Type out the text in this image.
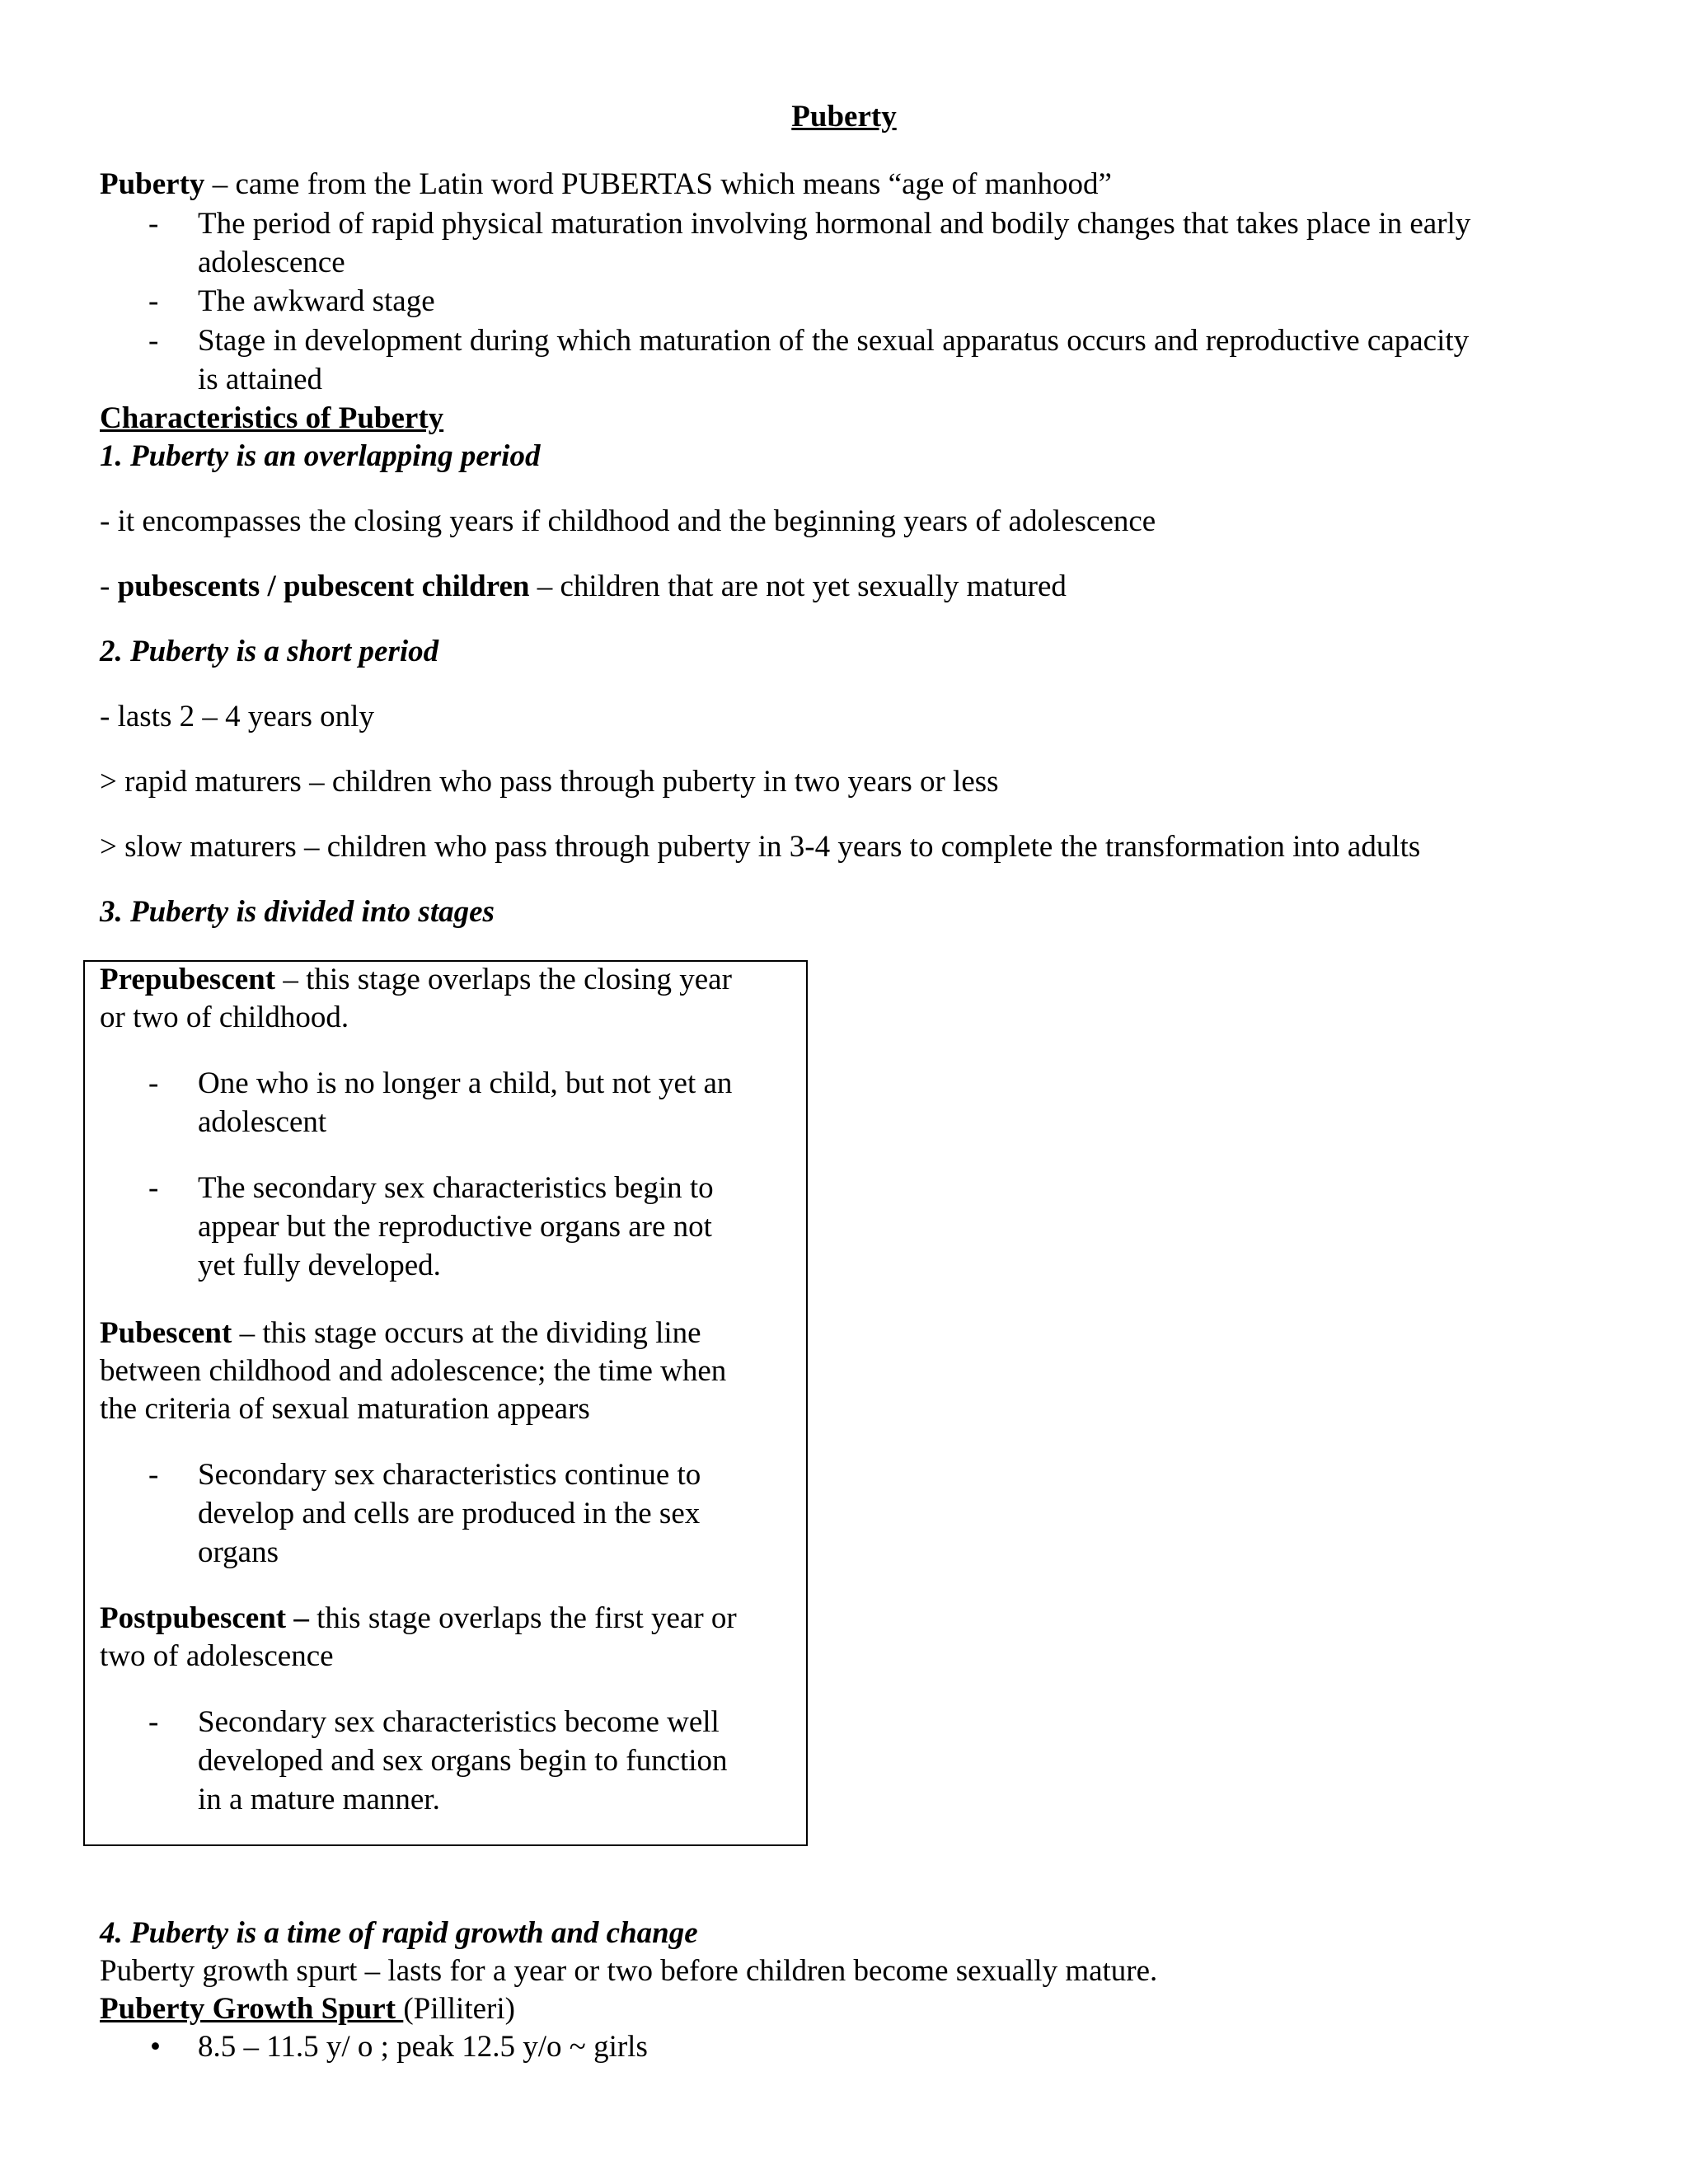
Puberty
Puberty – came from the Latin word PUBERTAS which means “age of manhood”
- The period of rapid physical maturation involving hormonal and bodily changes that takes place in early
adolescence
- The awkward stage
- Stage in development during which maturation of the sexual apparatus occurs and reproductive capacity
is attained
Characteristics of Puberty
1. Puberty is an overlapping period
- it encompasses the closing years if childhood and the beginning years of adolescence
- pubescents / pubescent children – children that are not yet sexually matured
2. Puberty is a short period
- lasts 2 – 4 years only
> rapid maturers – children who pass through puberty in two years or less
> slow maturers – children who pass through puberty in 3-4 years to complete the transformation into adults
3. Puberty is divided into stages
Prepubescent – this stage overlaps the closing year
or two of childhood.
- One who is no longer a child, but not yet an
adolescent
- The secondary sex characteristics begin to
appear but the reproductive organs are not
yet fully developed.
Pubescent – this stage occurs at the dividing line
between childhood and adolescence; the time when
the criteria of sexual maturation appears
- Secondary sex characteristics continue to
develop and cells are produced in the sex
organs
Postpubescent – this stage overlaps the first year or
two of adolescence
- Secondary sex characteristics become well
developed and sex organs begin to function
in a mature manner.
4. Puberty is a time of rapid growth and change
Puberty growth spurt – lasts for a year or two before children become sexually mature.
Puberty Growth Spurt (Pilliteri)
• 8.5 – 11.5 y/ o ; peak 12.5 y/o ~ girls
